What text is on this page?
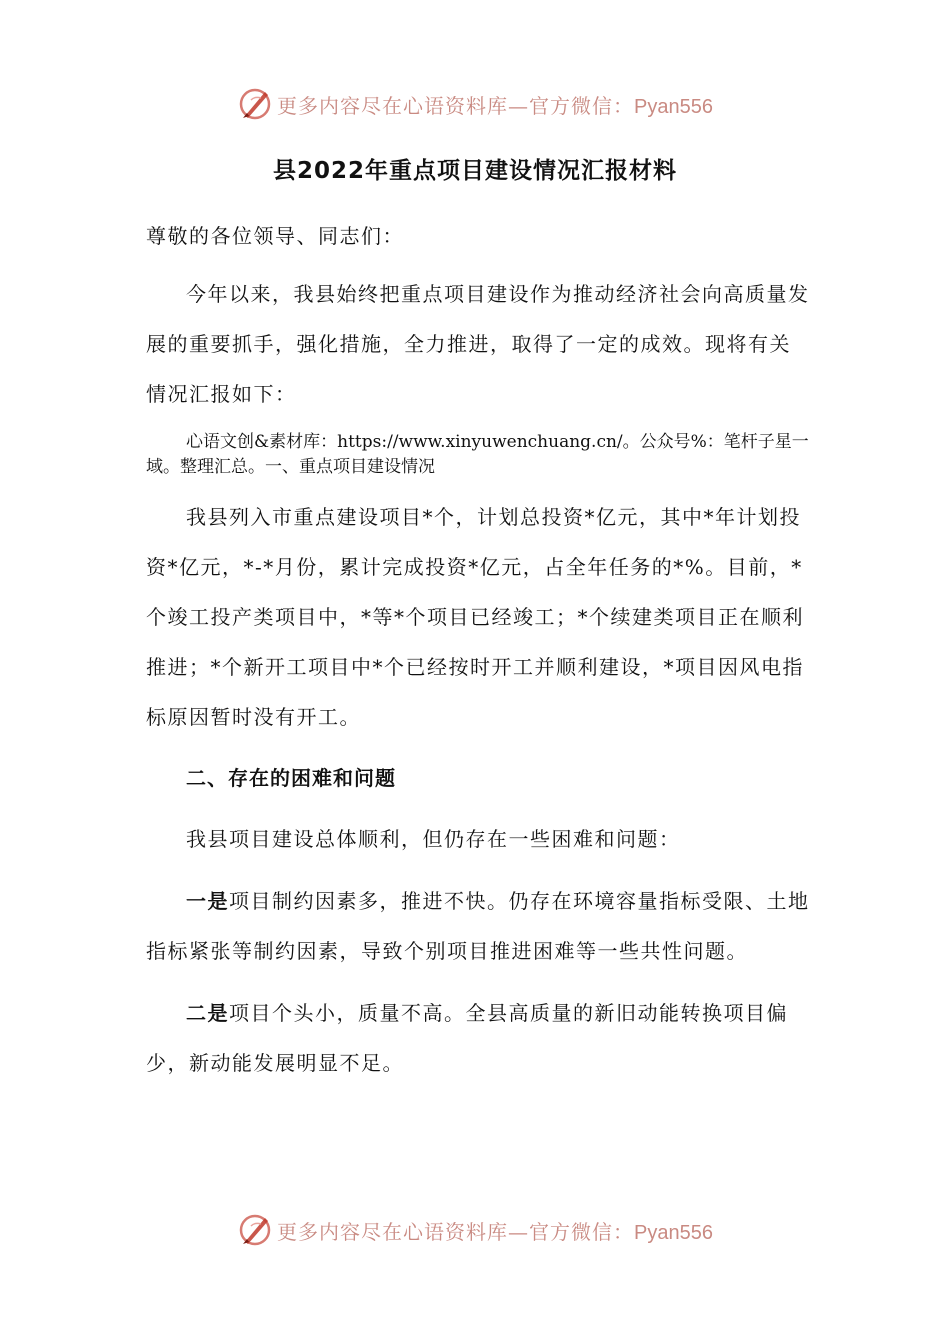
更多内容尽在心语资料库—官方微信：Pyan556
县2022年重点项目建设情况汇报材料

尊敬的各位领导、同志们：

今年以来，我县始终把重点项目建设作为推动经济社会向高质量发展的重要抓手，强化措施，全力推进，取得了一定的成效。现将有关情况汇报如下：

心语文创&素材库：https://www.xinyuwenchuang.cn/。公众号%：笔杆子星一域。整理汇总。一、重点项目建设情况

我县列入市重点建设项目*个，计划总投资*亿元，其中*年计划投资*亿元，*-*月份，累计完成投资*亿元，占全年任务的*%。目前，*个竣工投产类项目中，*等*个项目已经竣工；*个续建类项目正在顺利推进；*个新开工项目中*个已经按时开工并顺利建设，*项目因风电指标原因暂时没有开工。

二、存在的困难和问题

我县项目建设总体顺利，但仍存在一些困难和问题：

一是项目制约因素多，推进不快。仍存在环境容量指标受限、土地指标紧张等制约因素，导致个别项目推进困难等一些共性问题。

二是项目个头小，质量不高。全县高质量的新旧动能转换项目偏少，新动能发展明显不足。

更多内容尽在心语资料库—官方微信：Pyan556
